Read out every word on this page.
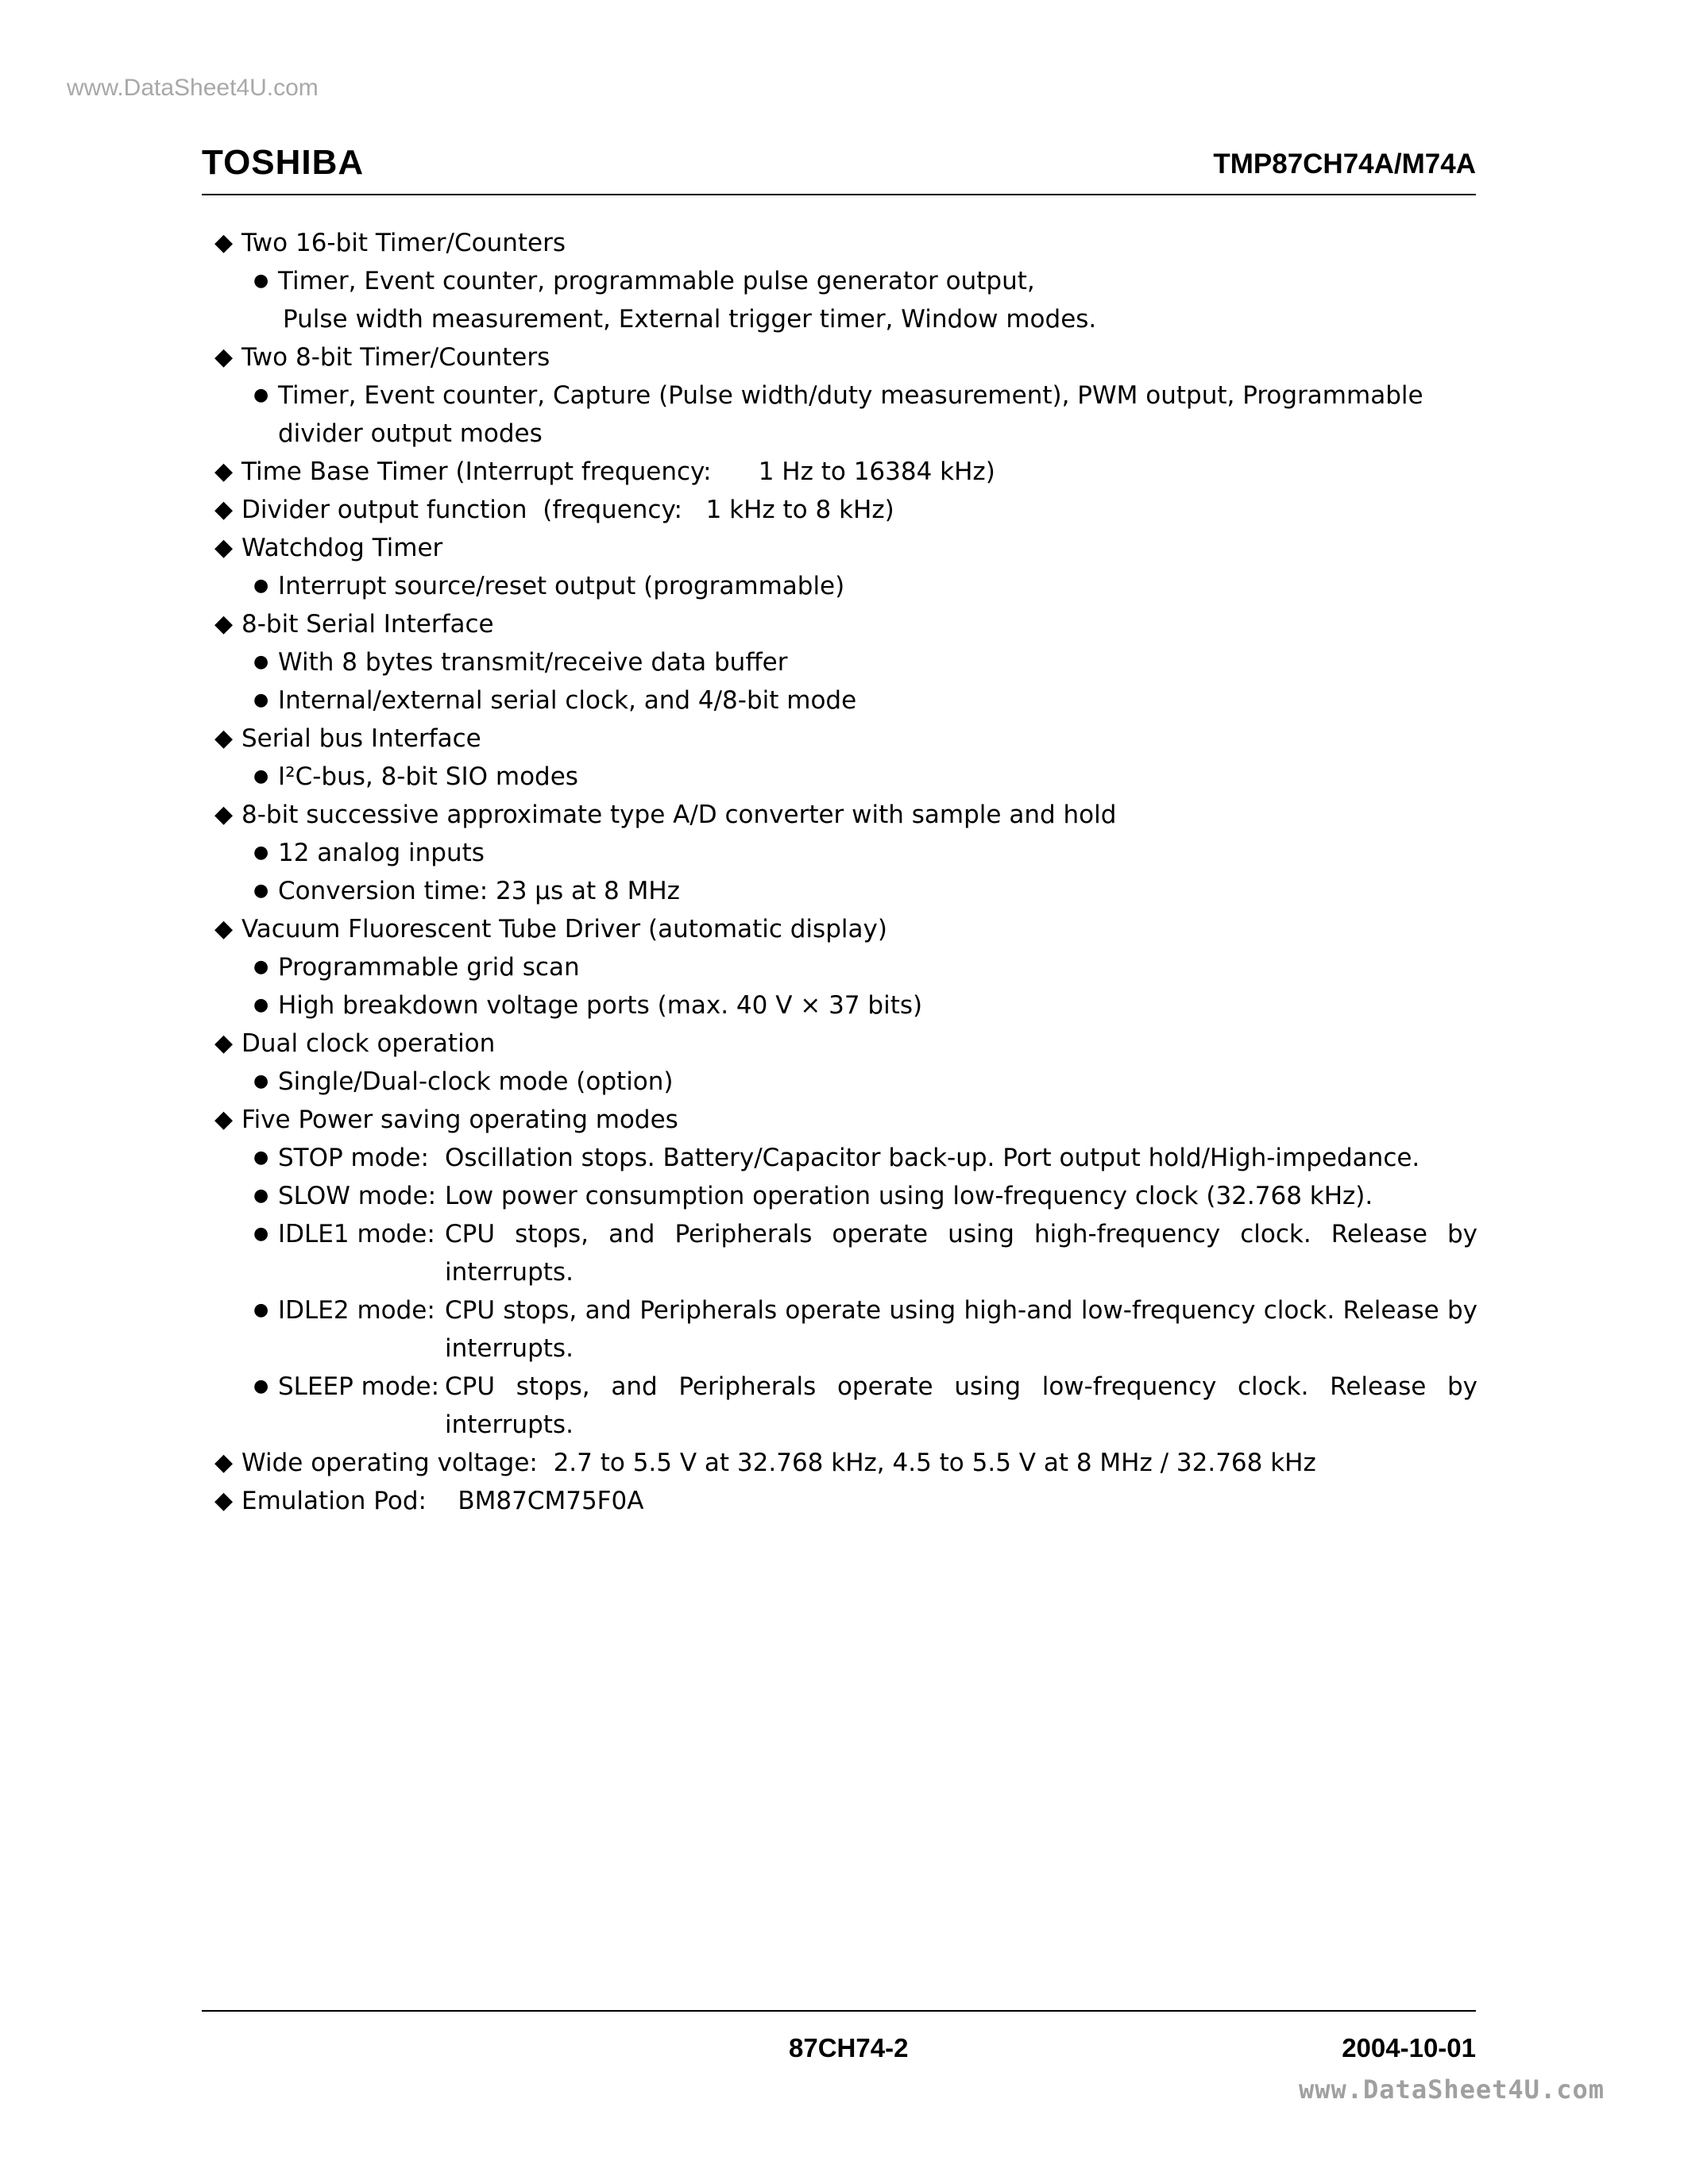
www.DataSheet4U.com
TOSHIBA	TMP87CH74A/M74A
◆ Two 16-bit Timer/Counters
● Timer, Event counter, programmable pulse generator output,
Pulse width measurement, External trigger timer, Window modes.
◆ Two 8-bit Timer/Counters
● Timer, Event counter, Capture (Pulse width/duty measurement), PWM output, Programmable divider output modes
◆ Time Base Timer (Interrupt frequency:      1 Hz to 16384 kHz)
◆ Divider output function  (frequency:   1 kHz to 8 kHz)
◆ Watchdog Timer
● Interrupt source/reset output (programmable)
◆ 8-bit Serial Interface
● With 8 bytes transmit/receive data buffer
● Internal/external serial clock, and 4/8-bit mode
◆ Serial bus Interface
● I²C-bus, 8-bit SIO modes
◆ 8-bit successive approximate type A/D converter with sample and hold
● 12 analog inputs
● Conversion time: 23 μs at 8 MHz
◆ Vacuum Fluorescent Tube Driver (automatic display)
● Programmable grid scan
● High breakdown voltage ports (max. 40 V × 37 bits)
◆ Dual clock operation
● Single/Dual-clock mode (option)
◆ Five Power saving operating modes
● STOP mode: Oscillation stops. Battery/Capacitor back-up. Port output hold/High-impedance.
● SLOW mode: Low power consumption operation using low-frequency clock (32.768 kHz).
● IDLE1 mode: CPU stops, and Peripherals operate using high-frequency clock. Release by interrupts.
● IDLE2 mode: CPU stops, and Peripherals operate using high-and low-frequency clock. Release by interrupts.
● SLEEP mode: CPU stops, and Peripherals operate using low-frequency clock. Release by interrupts.
◆ Wide operating voltage:  2.7 to 5.5 V at 32.768 kHz, 4.5 to 5.5 V at 8 MHz / 32.768 kHz
◆ Emulation Pod:    BM87CM75F0A
87CH74-2	2004-10-01
www.DataSheet4U.com
